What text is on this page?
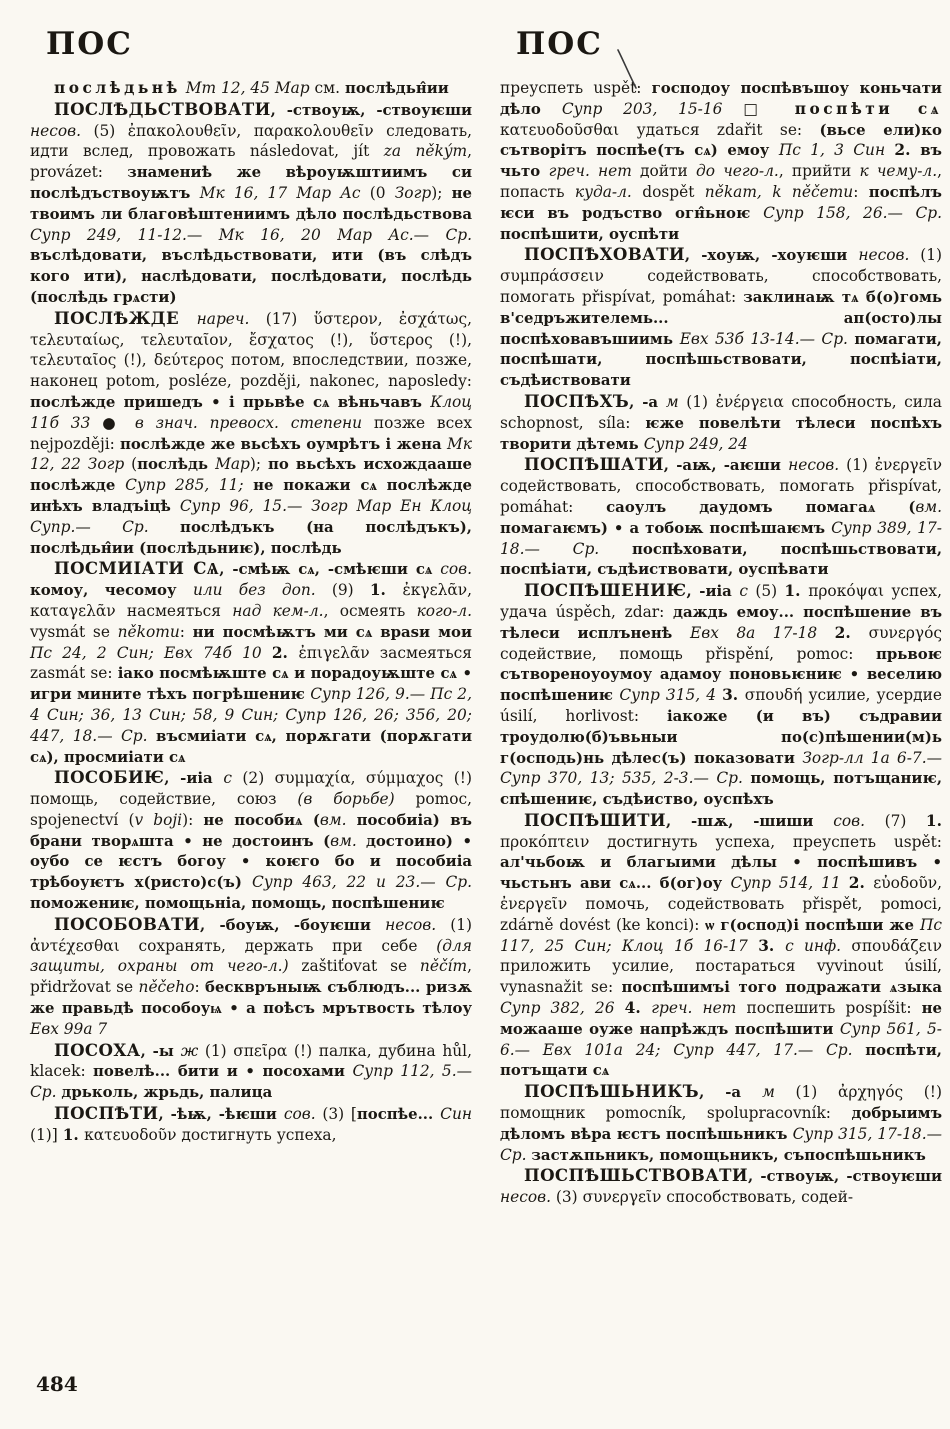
ПОС

послѣдьнѣ Мт 12, 45 Мар см. послѣдьн̂ии

ПОСЛѢДЬСТВОВАТИ, -ствоуѭ, -ствоуѥши несов. (5) ἐπακολουθεῖν, παρακολουθεῖν следовать, идти вслед, провожать následovat, jít za někým, provázet: знамениѣ же вѣроуѭштиимъ си послѣдъствоуѭтъ Мк 16, 17 Мар Ас (0 Зогр); не твоимъ ли благовѣштениимъ дѣло послѣдьствова Супр 249, 11-12.— Мк 16, 20 Мар Ас.— Ср. въслѣдовати, въслѣдьствовати, ити (въ слѣдъ кого ити), наслѣдовати, послѣдовати, послѣдь (послѣдь грѧсти)

ПОСЛѢЖДЕ нареч. (17) ὕστερον, ἐσχάτως, τελευταίως, τελευταῖον, ἔσχατος (!), ὕστερος (!), τελευταῖος (!), δεύτερος потом, впоследствии, позже, наконец potom, posléze, později, nakonec, naposledy: послѣжде пришедъ • і прьвѣе сѧ вѣньчавъ Клоц 11б 33 ● в знач. превосх. степени позже всех nejpozději: послѣжде же вьсѣхъ оумрѣтъ і жена Мк 12, 22 Зогр (послѣдь Мар); по вьсѣхъ исхождааше послѣжде Супр 285, 11; не покажи сѧ послѣжде инѣхъ владъіцѣ Супр 96, 15.— Зогр Мар Ен Клоц Супр.— Ср. послѣдъкъ (на послѣдъкъ), послѣдьн̂ии (послѣдьниѥ), послѣдь

ПОСМИІАТИ СѦ, -смѣѭ сѧ, -смѣѥши сѧ сов. комоу, чесомоу или без доп. (9) 1. ἐκγελᾶν, καταγελᾶν насмеяться над кем-л., осмеять кого-л. vysmát se někomu: ни посмѣѭтъ ми сѧ враѕи мои Пс 24, 2 Син; Евх 74б 10 2. ἐπιγελᾶν засмеяться zasmát se: іако посмѣѭште сѧ и порадоуѭште сѧ • игри мините тѣхъ погрѣшениѥ Супр 126, 9.— Пс 2, 4 Син; 36, 13 Син; 58, 9 Син; Супр 126, 26; 356, 20; 447, 18.— Ср. въсмиіати сѧ, порѫгати (порѫгати сѧ), просмиіати сѧ

ПОСОБИѤ, -иіа с (2) συμμαχία, σύμμαχος (!) помощь, содействие, союз (в борьбе) pomoc, spojenectví (v boji): не пособиѧ (вм. пособиіа) въ брани творѧшта • не достоинъ (вм. достоино) • оубо се ѥстъ богоу • коѥго бо и пособиіа трѣбоуѥтъ х(ристо)с(ъ) Супр 463, 22 и 23.— Ср. поможениѥ, помощьніа, помощь, поспѣшениѥ

ПОСОБОВАТИ, -боуѭ, -боуѥши несов. (1) ἀντέχεσθαι сохранять, держать при себе (для защиты, охраны от чего-л.) zaštiťovat se něčím, přidržovat se něčeho: бесквръныѭ съблюдъ... ризѫ же правьдѣ пособоуѩ • а поѣсъ мрътвость тѣлоу Евх 99а 7

ПОСОХА, -ы ж (1) σπεῖρα (!) палка, дубина hůl, klacek: повелѣ... бити и • посохами Супр 112, 5.— Ср. дрьколь, жрьдь, палица

ПОСПѢТИ, -ѣѭ, -ѣѥши сов. (3) [поспѣе... Син (1)] 1. κατευοδοῦν достигнуть успеха,

ПОС

преуспеть uspět: господоу поспѣвъшоу коньчати дѣло Супр 203, 15-16 □ поспѣти сѧ κατευοδοῦσθαι удаться zdařit se: (вьсе ели)ко сътворітъ поспѣе(тъ сѧ) емоу Пс 1, 3 Син 2. въ чьто греч. нет дойти до чего-л., прийти к чему-л., попасть куда-л. dospět někam, k něčemu: поспѣлъ ѥси въ родъство огн̂ьноѥ Супр 158, 26.— Ср. поспѣшити, оуспѣти

ПОСПѢХОВАТИ, -хоуѭ, -хоуѥши несов. (1) συμπράσσειν содействовать, способствовать, помогать přispívat, pomáhat: заклинаѭ тѧ б(о)гомь в'седръжителемь... ап(осто)лы поспѣховавъшиимь Евх 53б 13-14.— Ср. помагати, поспѣшати, поспѣшьствовати, поспѣіати, съдѣиствовати

ПОСПѢХЪ, -а м (1) ἐνέργεια способность, сила schopnost, síla: ѥже повелѣти тѣлеси поспѣхъ творити дѣтемь Супр 249, 24

ПОСПѢШАТИ, -аѭ, -аѥши несов. (1) ἐνεργεῖν содействовать, способствовать, помогать přispívat, pomáhat: саоулъ даудомъ помагаѧ (вм. помагаѥмъ) • а тобоѭ поспѣшаѥмъ Супр 389, 17-18.— Ср. поспѣховати, поспѣшьствовати, поспѣіати, съдѣиствовати, оуспѣвати

ПОСПѢШЕНИѤ, -иіа с (5) 1. προκόψαι успех, удача úspěch, zdar: даждь емоу... поспѣшение въ тѣлеси исплъненѣ Евх 8а 17-18 2. συνεργός содействие, помощь přispění, pomoc: прьвоѥ сътвореноуоумоу адамоу поновьѥниѥ • веселию поспѣшениѥ Супр 315, 4 3. σπουδή усилие, усердие úsilí, horlivost: іакоже (и въ) съдравии троудолю(б)ъвьныи по(с)пѣшении(м)ь г(осподь)нь дѣлес(ъ) показовати Зогр-лл 1а 6-7.— Супр 370, 13; 535, 2-3.— Ср. помощь, потъщаниѥ, спѣшениѥ, съдѣиство, оуспѣхъ

ПОСПѢШИТИ, -шѫ, -шиши сов. (7) 1. προκόπτειν достигнуть успеха, преуспеть uspět: ал'чьбоѭ и благыими дѣлы • поспѣшивъ • чьстьнъ ави сѧ... б(ог)оу Супр 514, 11 2. εὐοδοῦν, ἐνεργεῖν помочь, содействовать přispět, pomoci, zdárně dovést (ke konci): ѡ г(оспод)і поспѣши же Пс 117, 25 Син; Клоц 1б 16-17 3. с инф. σπουδάζειν приложить усилие, постараться vyvinout úsilí, vynasnažit se: поспѣшимъі того подражати ѧзыка Супр 382, 26 4. греч. нет поспешить pospíšit: не можааше оуже напрѣждъ поспѣшити Супр 561, 5-6.— Евх 101а 24; Супр 447, 17.— Ср. поспѣти, потъщати сѧ

ПОСПѢШЬНИКЪ, -а м (1) ἀρχηγός (!) помощник pomocník, spolupracovník: добрыимъ дѣломъ вѣра ѥстъ поспѣшьникъ Супр 315, 17-18.— Ср. застѫпьникъ, помощьникъ, съпоспѣшьникъ

ПОСПѢШЬСТВОВАТИ, -ствоуѭ, -ствоуѥши несов. (3) συνεργεῖν способствовать, содей-

484
